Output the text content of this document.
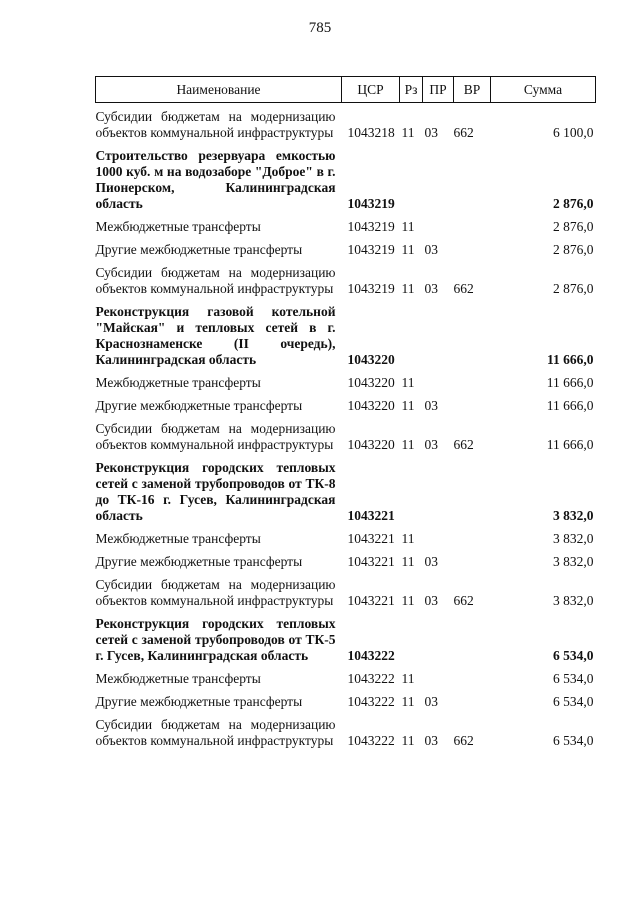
785
Наименование	ЦСР	Рз	ПР	ВР	Сумма
Субсидии бюджетам на модернизацию объектов коммунальной инфраструктуры	1043218	11	03	662	6 100,0
Строительство резервуара емкостью 1000 куб. м на водозаборе "Доброе" в г. Пионерском, Калининградская область	1043219				2 876,0
Межбюджетные трансферты	1043219	11			2 876,0
Другие межбюджетные трансферты	1043219	11	03		2 876,0
Субсидии бюджетам на модернизацию объектов коммунальной инфраструктуры	1043219	11	03	662	2 876,0
Реконструкция газовой котельной "Майская" и тепловых сетей в г. Краснознаменске (II очередь), Калининградская область	1043220				11 666,0
Межбюджетные трансферты	1043220	11			11 666,0
Другие межбюджетные трансферты	1043220	11	03		11 666,0
Субсидии бюджетам на модернизацию объектов коммунальной инфраструктуры	1043220	11	03	662	11 666,0
Реконструкция городских тепловых сетей с заменой трубопроводов от ТК-8 до ТК-16 г. Гусев, Калининградская область	1043221				3 832,0
Межбюджетные трансферты	1043221	11			3 832,0
Другие межбюджетные трансферты	1043221	11	03		3 832,0
Субсидии бюджетам на модернизацию объектов коммунальной инфраструктуры	1043221	11	03	662	3 832,0
Реконструкция городских тепловых сетей с заменой трубопроводов от ТК-5 г. Гусев, Калининградская область	1043222				6 534,0
Межбюджетные трансферты	1043222	11			6 534,0
Другие межбюджетные трансферты	1043222	11	03		6 534,0
Субсидии бюджетам на модернизацию объектов коммунальной инфраструктуры	1043222	11	03	662	6 534,0
